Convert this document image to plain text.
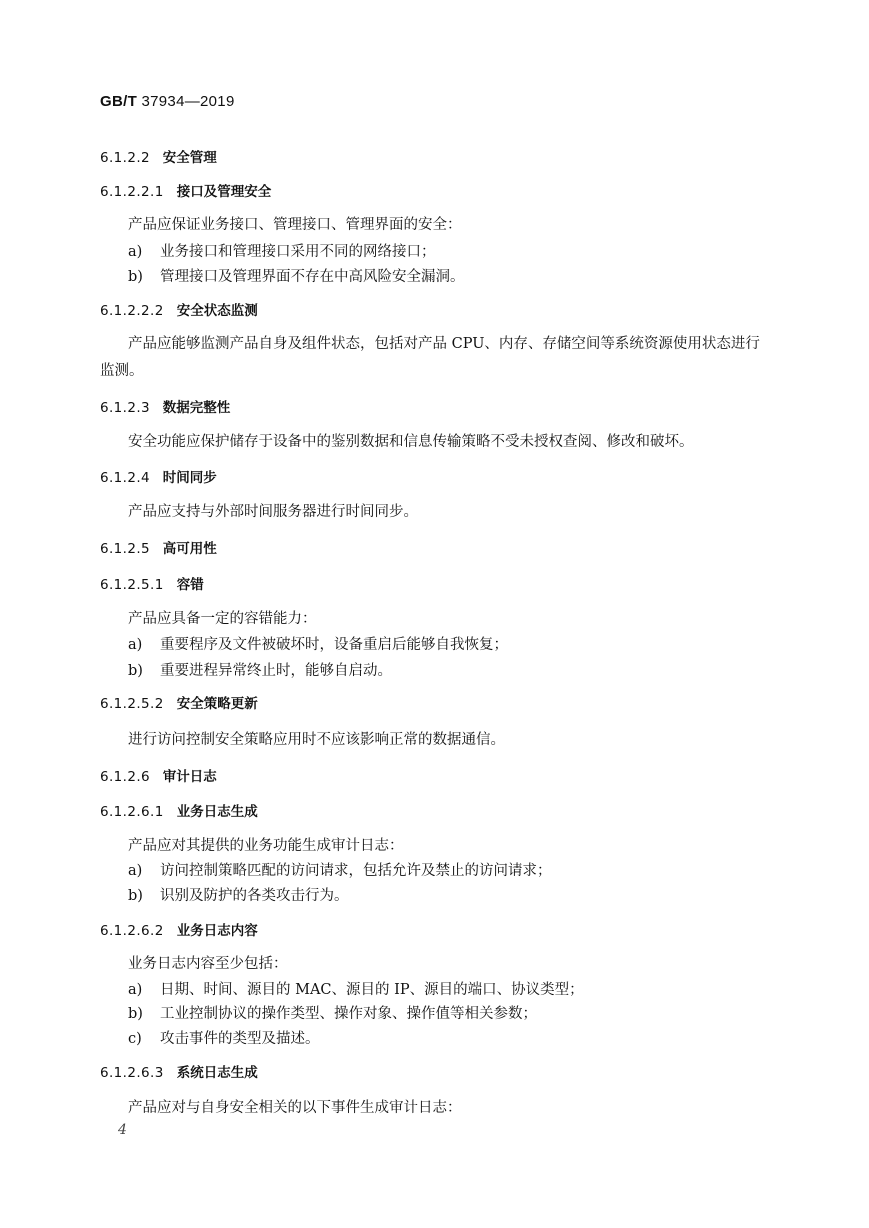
GB/T 37934—2019
6.1.2.2 安全管理
6.1.2.2.1 接口及管理安全
产品应保证业务接口、管理接口、管理界面的安全：
a) 业务接口和管理接口采用不同的网络接口；
b) 管理接口及管理界面不存在中高风险安全漏洞。
6.1.2.2.2 安全状态监测
产品应能够监测产品自身及组件状态，包括对产品 CPU、内存、存储空间等系统资源使用状态进行监测。
6.1.2.3 数据完整性
安全功能应保护储存于设备中的鉴别数据和信息传输策略不受未授权查阅、修改和破坏。
6.1.2.4 时间同步
产品应支持与外部时间服务器进行时间同步。
6.1.2.5 高可用性
6.1.2.5.1 容错
产品应具备一定的容错能力：
a) 重要程序及文件被破坏时，设备重启后能够自我恢复；
b) 重要进程异常终止时，能够自启动。
6.1.2.5.2 安全策略更新
进行访问控制安全策略应用时不应该影响正常的数据通信。
6.1.2.6 审计日志
6.1.2.6.1 业务日志生成
产品应对其提供的业务功能生成审计日志：
a) 访问控制策略匹配的访问请求，包括允许及禁止的访问请求；
b) 识别及防护的各类攻击行为。
6.1.2.6.2 业务日志内容
业务日志内容至少包括：
a) 日期、时间、源目的 MAC、源目的 IP、源目的端口、协议类型；
b) 工业控制协议的操作类型、操作对象、操作值等相关参数；
c) 攻击事件的类型及描述。
6.1.2.6.3 系统日志生成
产品应对与自身安全相关的以下事件生成审计日志：
4
